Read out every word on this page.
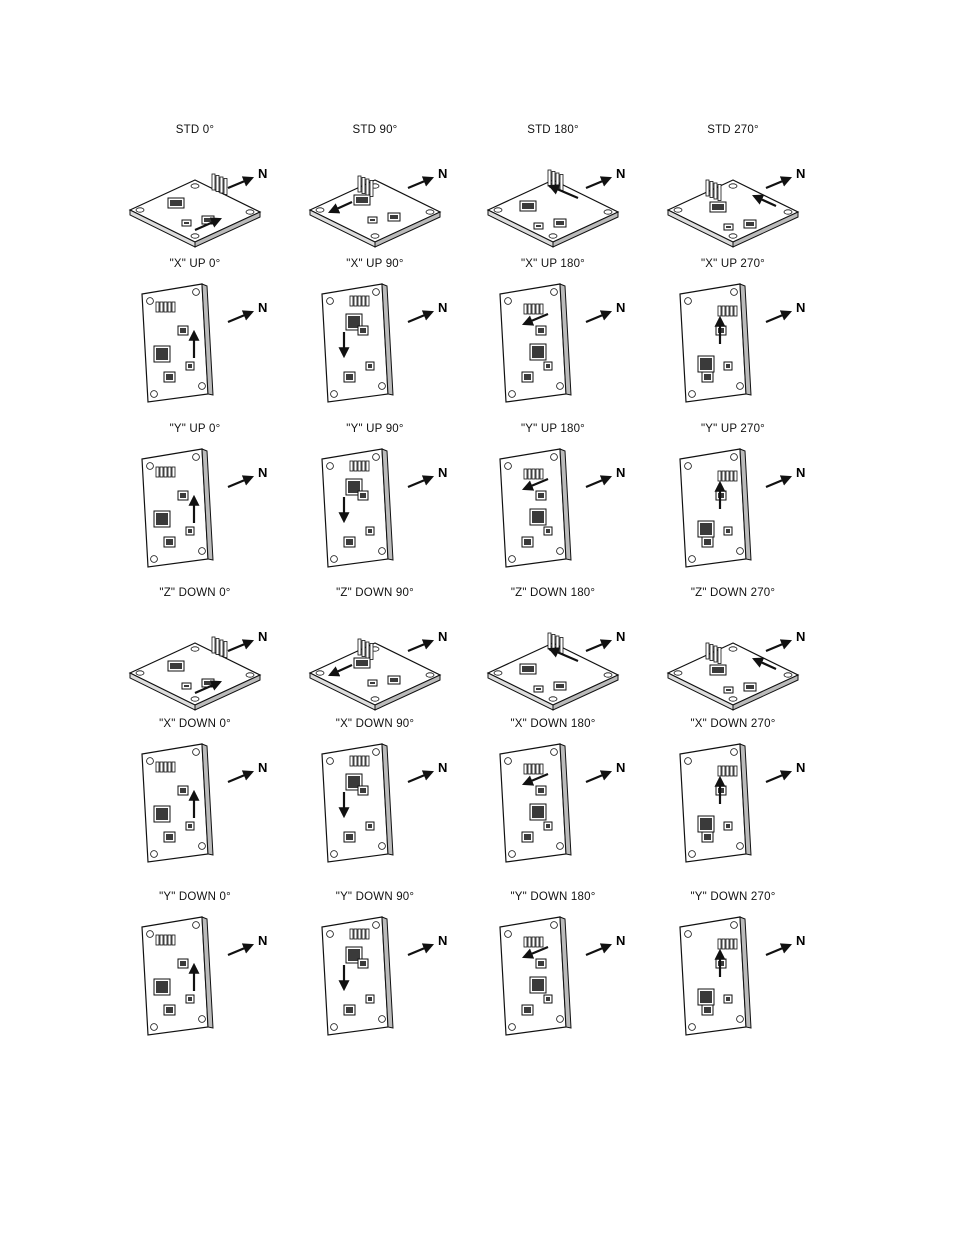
STD 0°
N
STD 90°
N
STD 180°
N
STD 270°
N
"X" UP 0°
N
"X" UP 90°
N
"X" UP 180°
N
"X" UP 270°
N
"Y" UP 0°
N
"Y" UP 90°
N
"Y" UP 180°
N
"Y" UP 270°
N
"Z" DOWN 0°
N
"Z" DOWN 90°
N
"Z" DOWN 180°
N
"Z" DOWN 270°
N
"X" DOWN 0°
N
"X" DOWN 90°
N
"X" DOWN 180°
N
"X" DOWN 270°
N
"Y" DOWN 0°
N
"Y" DOWN 90°
N
"Y" DOWN 180°
N
"Y" DOWN 270°
N
